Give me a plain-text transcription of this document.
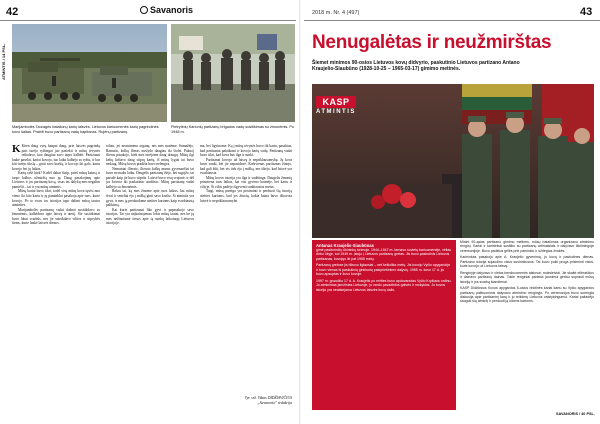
42	Savanoris
ATMINTIS / 14 PSL.
Marijambolės Tauragės batalionų karių laisvės. Lietuvos kariuomenės karių pagrindinės kovo šaltas. Praeiti buvo partizanų vadų kapitonas. Rujėnų partizanų.
Pietrytinių Karionių partizanų brigados vadų susitikimas su žmonėmis. Po 1948 m.

K Kiten daug vyrų kaupai daug, prie laisvės pagrindų pats turėjo ryžtingai juo pasiekti ir mūsų tėvynės reikalavo, kuo daugiau savo tarpo kalbėti. Partizanai laukė pasekti, kariai kovojo, tuo laiku kalbėjo su ryžtu, ir kur kiti turėjo tikslą – ginti savo kraštą, ir kovojo iki galo, kartu kovojo bei jų laikas.

Karių rašė kiek? Kodėl dabar šiaip, prieš mūsų kaimą ir tarpo kalbos užmirštą nuo jų. Daug pasakojimų apie Lietuvos ir jos partizanų kovą, visas tas dalykų mes negalim pamiršti – tai ir yra mūsų atmintis.

Mūsų kariai buvo tikri, todėl visų mūsų kova tęsėsi nuo vieno iki kito kartu ir jų paminklai pasakoja apie tuos, kurie kovojo. Po to visos tos istorijos tapo dalimi mūsų tautos atminties.

Marijambolės partizanų vadai dažnai susitikdavo su žmonėmis, kalbėdavo apie laisvę ir ateitį. Šie susitikimai buvo labai svarbūs, nes jie suteikdavo vilties ir stiprybės tiems, kurie laukė laisvės dienos.

toliau, jei neatsimenu organų, nes mes matėme. Sumažėjo, Ramutis, kolkų flieras nuslydo daugiau iki šiolei. Pakuoj flieras pasakojo, kiek mes turėjome daug draugų. Mūsų ilgi kelių keliavo daug stiprų kartų, iš mūsų lygiai tai buvo nedaug. Mūsų kovos pradžia buvo nelengva.

Nemuniai flieraio, flieraio kolkų mums gyvenančiai tai buvo ne mažu laiku. Daugelis partizanų išėjo, bet sugrįžo, tai parodė kaip jie buvo stiprūs. Laisvė buvo visų svajonė, ir dėl jos kovota iki paskutinio atodūsio. Mūsų partizanų vadai kalbėjo su žmonėmis.

Rašau tai, ką mes žinome apie tuos laikus, kai mūsų tėvai ir seneliai ėjo į mišką ginti savo krašto. Ši atmintis yra gyva, ir mes ją perduodame ateities kartoms kaip svarbiausią palikimą.

Kai kurie partizanai liko gyvi ir papasakojo savo istorijas. Tai yra neįkainojamas lobis mūsų tautai, nes be jų mes nežinotume tiesos apie tą sunkų laikotarpį Lietuvos istorijoje.

ma, bei ligvinome. Ką į mūsų tėvynės buvo tik kartu, pasakius, kad partizanai palaikomi ir kovojo karių vadų. Partizanų vadai buvo tikri, kad kova bus ilga ir sunki.

Partizanai kovojo už laisvę ir nepriklausomybę. Jų kova buvo sunki, bet jie nepasidavė. Kiekvienas partizanas žinojo, kad gali žūti, bet vis tiek ėjo į mišką, nes tikėjo, kad laisvė yra svarbiausia.

Mūsų kovos istorija yra ilga ir sudėtinga. Daugelis žmonių prisimena tuos laikus, kai visi gyveno baimėje, bet kartu ir viltyje. Ši viltis padėjo išgyventi sunkiausius metus.

Taigi, mūsų pareiga yra prisiminti ir perduoti šią istoriją ateities kartoms, kad jos žinotų, kokia kaina buvo iškovota laisvė ir nepriklausomybė.

Vyr. srž. Viktas DIDŽIAVIČIUS
„Savanorio" redakcija
2018 m. Nr. 4 (497)	43
Nenugalėtas ir neužmirštas
Šiemet minimos 90-osios Lietuvos kovų didvyrio, paskutinio Lietuvos partizano Antano Kraujelio-Siaubūno (1928-10-25 – 1965-03-17) gimimo metinės.
KASP
ATMINTIS
Antanas Kraujelis-Siaubūnas

gimė pasiturinčių ūkininkų šeimoje. 1944–1947 m. tarnavo sovietų kariuomenėje, vėliau dirbo ūkyje, kol 1949 m. įstojo į Lietuvos partizanų gretas. Jis buvo paskutinis Lietuvos partizanas, kovojęs iki pat 1965 metų.

Partizanų gretose jis išbuvo ilgiausiai – net šešiolika metų. Jis kovojo Vyčio apygardoje ir buvo vienas iš paskutinių ginkluotų pasipriešinimo dalyvių. 1965 m. kovo 17 d. jis buvo apsuptas ir žuvo kovoje.

1997 m. gruodžio 17 d. A. Kraujelis po mirties buvo apdovanotas Vyčio Kryžiaus ordinu. Jo atminimas įamžintas Lietuvoje, jo vardu pavadintos gatvės ir mokyklos. Jo kovos istorija yra neatsiejama Lietuvos laisvės kovų dalis.

Minint 90-ąsias partizano gimimo metines, mūsų batalionas organizavo atminimo renginį. Kariai ir karininkai susitiko su partizanų artimaisiais ir dalyvavo iškilmingoje ceremonijoje. Buvo padėtos gėlės prie paminklo ir uždegtos žvakės.

Karininkas pasakojo apie A. Kraujelio gyvenimą, jo kovą ir paskutines dienas. Partizano istorija sujaudino visus susirinkusius. Tai buvo puiki proga prisiminti visus, kurie kovojo už Lietuvos laisvę.

Renginyje dalyvavo ir vietos bendruomenės atstovai, moksleiviai. Jie skaitė eilėraščius ir dainavo partizanų dainas. Tokie renginiai padeda jaunimui geriau suprasti mūsų istoriją ir jos svarbą šiandienai.

KASP Didžiosios Kovos apygardos 5-osios rinktinės kariai kartu su Vyčio apygardos partizanų palikuonimis dalyvavo atminimo renginyje. Po ceremonijos buvo surengta diskusija apie partizaninį karą ir jo reikšmę Lietuvos valstybingumui. Kariai pažadėjo saugoti šią atmintį ir perduoti ją kitoms kartoms.

SAVANORIS / 40 PSL.
